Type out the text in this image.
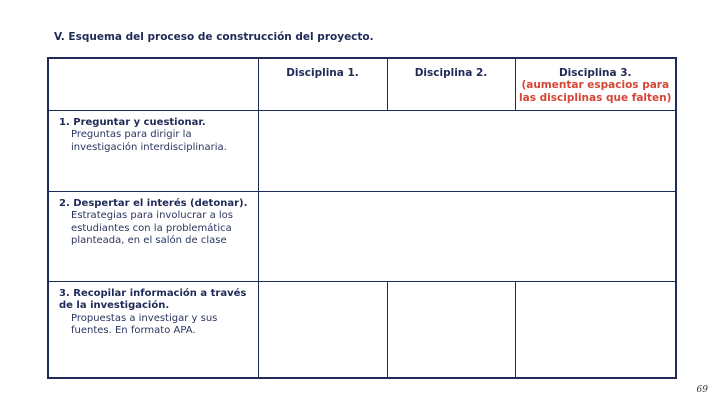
V. Esquema del proceso de construcción del proyecto.

	Disciplina 1.	Disciplina 2.	Disciplina 3.
(aumentar espacios para las disciplinas que falten)

1. Preguntar y cuestionar.
Preguntas para dirigir la investigación interdisciplinaria.			

2. Despertar el interés (detonar).
Estrategias para involucrar a los estudiantes con la problemática planteada, en el salón de clase			

3. Recopilar información a través de la investigación.
Propuestas a investigar y sus fuentes. En formato APA.			

69
